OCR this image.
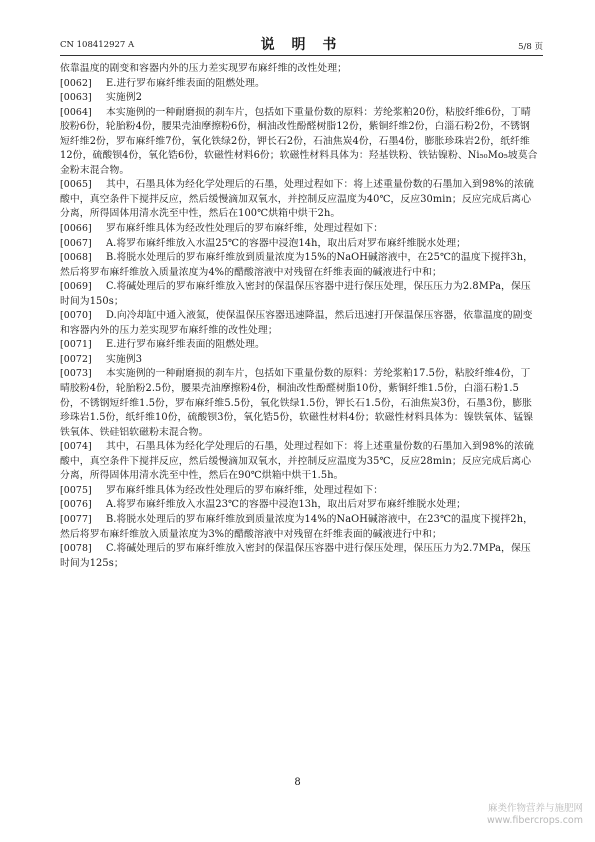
CN 108412927 A	说 明 书	5/8 页
依靠温度的剧变和容器内外的压力差实现罗布麻纤维的改性处理；
[0062] E.进行罗布麻纤维表面的阻燃处理。
[0063] 实施例2
[0064] 本实施例的一种耐磨损的刹车片，包括如下重量份数的原料：芳纶浆粕20份，粘胶纤维6份，丁晴胶粉6份，轮胎粉4份，腰果壳油摩擦粉6份，桐油改性酚醛树脂12份，紫铜纤维2份，白淄石粉2份，不锈钢短纤维2份，罗布麻纤维7份，氧化铁绿2份，钾长石2份，石油焦炭4份，石墨4份，膨胀珍珠岩2份，纸纤维12份，硫酸钡4份，氧化锆6份，软磁性材料6份；软磁性材料具体为：羟基铁粉、铁钴镍粉、Ni₅₀Mo₅坡莫合金粉末混合物。
[0065] 其中，石墨具体为经化学处理后的石墨，处理过程如下：将上述重量份数的石墨加入到98%的浓硫酸中，真空条件下搅拌反应，然后缓慢滴加双氧水，并控制反应温度为40℃，反应30min；反应完成后离心分离，所得固体用清水洗至中性，然后在100℃烘箱中烘干2h。
[0066] 罗布麻纤维具体为经改性处理后的罗布麻纤维，处理过程如下：
[0067] A.将罗布麻纤维放入水温25℃的容器中浸泡14h，取出后对罗布麻纤维脱水处理；
[0068] B.将脱水处理后的罗布麻纤维放到质量浓度为15%的NaOH碱溶液中，在25℃的温度下搅拌3h，然后将罗布麻纤维放入质量浓度为4%的醋酸溶液中对残留在纤维表面的碱液进行中和；
[0069] C.将碱处理后的罗布麻纤维放入密封的保温保压容器中进行保压处理，保压压力为2.8MPa，保压时间为150s；
[0070] D.向冷却缸中通入液氮，使保温保压容器迅速降温，然后迅速打开保温保压容器，依靠温度的剧变和容器内外的压力差实现罗布麻纤维的改性处理；
[0071] E.进行罗布麻纤维表面的阻燃处理。
[0072] 实施例3
[0073] 本实施例的一种耐磨损的刹车片，包括如下重量份数的原料：芳纶浆粕17.5份，粘胶纤维4份，丁晴胶粉4份，轮胎粉2.5份，腰果壳油摩擦粉4份，桐油改性酚醛树脂10份，紫铜纤维1.5份，白淄石粉1.5份，不锈钢短纤维1.5份，罗布麻纤维5.5份，氧化铁绿1.5份，钾长石1.5份，石油焦炭3份，石墨3份，膨胀珍珠岩1.5份，纸纤维10份，硫酸钡3份，氧化锆5份，软磁性材料4份；软磁性材料具体为：镍铁氧体、锰镍铁氧体、铁硅铝软磁粉末混合物。
[0074] 其中，石墨具体为经化学处理后的石墨，处理过程如下：将上述重量份数的石墨加入到98%的浓硫酸中，真空条件下搅拌反应，然后缓慢滴加双氧水，并控制反应温度为35℃，反应28min；反应完成后离心分离，所得固体用清水洗至中性，然后在90℃烘箱中烘干1.5h。
[0075] 罗布麻纤维具体为经改性处理后的罗布麻纤维，处理过程如下：
[0076] A.将罗布麻纤维放入水温23℃的容器中浸泡13h，取出后对罗布麻纤维脱水处理；
[0077] B.将脱水处理后的罗布麻纤维放到质量浓度为14%的NaOH碱溶液中，在23℃的温度下搅拌2h，然后将罗布麻纤维放入质量浓度为3%的醋酸溶液中对残留在纤维表面的碱液进行中和；
[0078] C.将碱处理后的罗布麻纤维放入密封的保温保压容器中进行保压处理，保压压力为2.7MPa，保压时间为125s；
8
麻类作物营养与施肥网
www.fibercrops.com
